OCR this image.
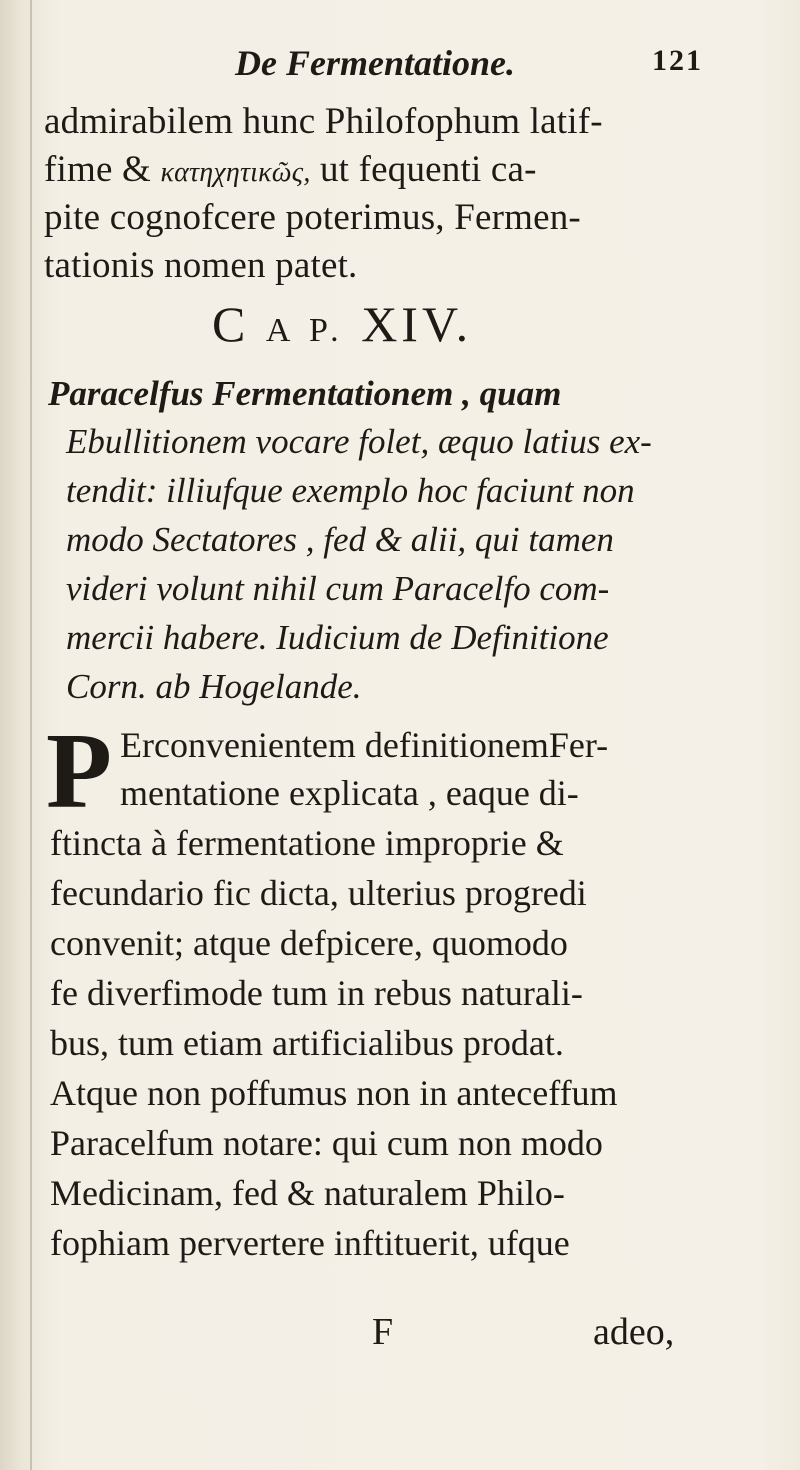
De Fermentatione.	121
admirabilem hunc Philofophum latif-
fime & κατηχητικῶς, ut fequenti ca-
pite cognofcere poterimus, Fermen-
tationis nomen patet.
C A P. XIV.
Paracelfus Fermentationem , quam
Ebullitionem vocare folet, æquo latius ex-
tendit: illiufque exemplo hoc faciunt non
modo Sectatores , fed & alii, qui tamen
videri volunt nihil cum Paracelfo com-
mercii habere. Iudicium de Definitione
Corn. ab Hogelande.
P Erconvenientem definitionemFer-
mentatione explicata , eaque di-
ftincta à fermentatione improprie &
fecundario fic dicta, ulterius progredi
convenit; atque defpicere, quomodo
fe diverfimode tum in rebus naturali-
bus, tum etiam artificialibus prodat.
Atque non poffumus non in anteceffum
Paracelfum notare: qui cum non modo
Medicinam, fed & naturalem Philo-
fophiam pervertere inftituerit, ufque
F	adeo,
